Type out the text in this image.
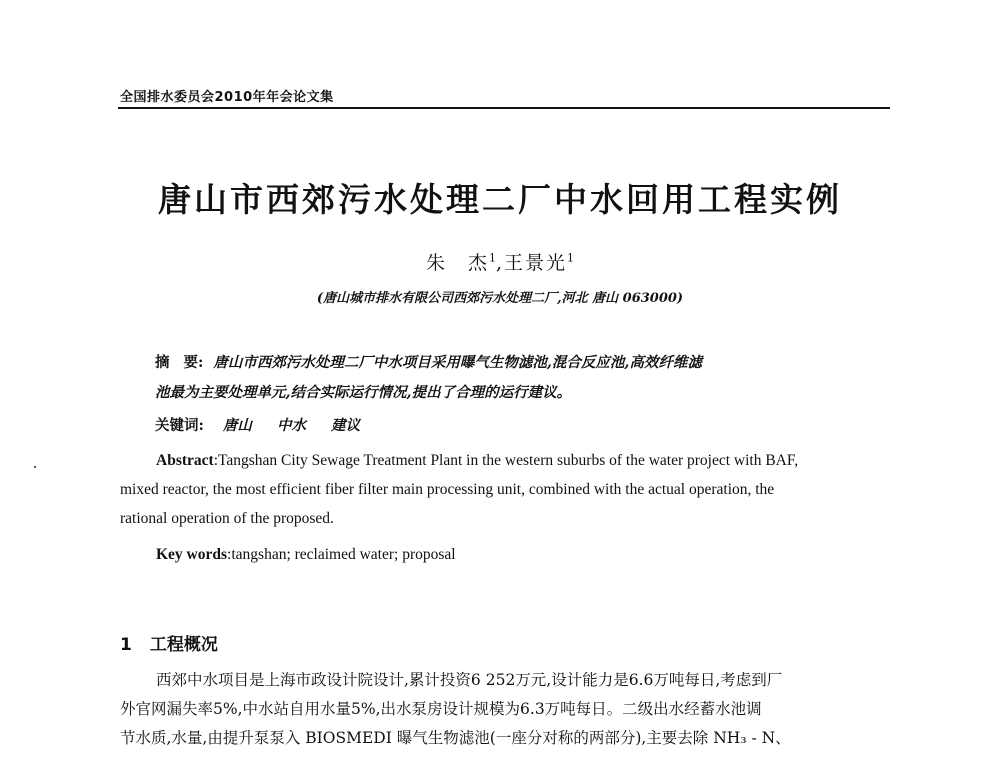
全国排水委员会2010年年会论文集
唐山市西郊污水处理二厂中水回用工程实例
朱　杰$^1$,王景光$^1$
(唐山城市排水有限公司西郊污水处理二厂,河北 唐山 063000)
摘 要: 唐山市西郊污水处理二厂中水项目采用曝气生物滤池,混合反应池,高效纤维滤
池最为主要处理单元,结合实际运行情况,提出了合理的运行建议。
关键词: 唐山 中水 建议
Abstract:Tangshan City Sewage Treatment Plant in the western suburbs of the water project with BAF,
mixed reactor, the most efficient fiber filter main processing unit, combined with the actual operation, the
rational operation of the proposed.
Key words:tangshan; reclaimed water; proposal
1 工程概况
西郊中水项目是上海市政设计院设计,累计投资6 252万元,设计能力是6.6万吨每日,考虑到厂
外官网漏失率5%,中水站自用水量5%,出水泵房设计规模为6.3万吨每日。二级出水经蓄水池调
节水质,水量,由提升泵泵入 BIOSMEDI 曝气生物滤池(一座分对称的两部分),主要去除 NH₃ - N、
